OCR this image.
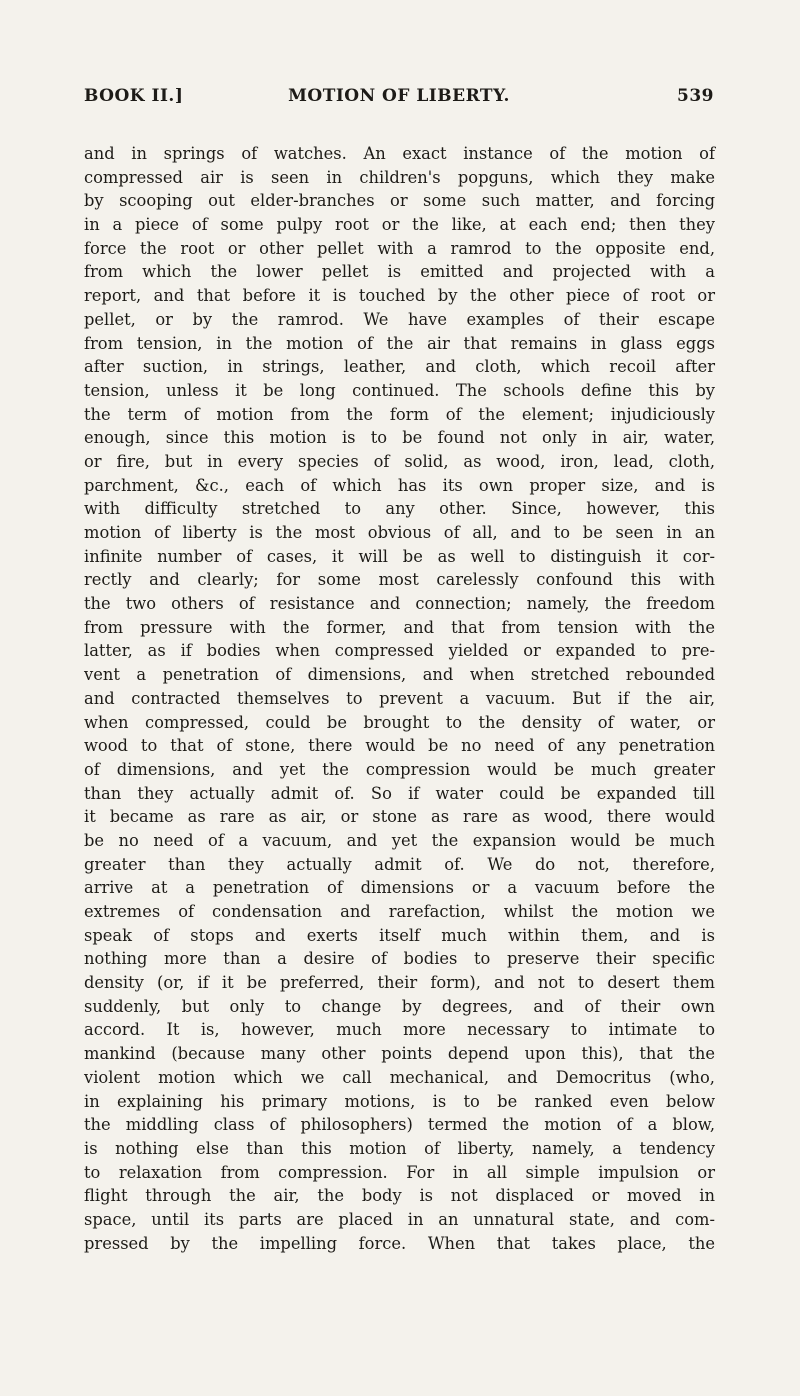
BOOK II.]	MOTION OF LIBERTY.	539
and in springs of watches. An exact instance of the motion of
compressed air is seen in children's popguns, which they make
by scooping out elder-branches or some such matter, and forcing
in a piece of some pulpy root or the like, at each end; then they
force the root or other pellet with a ramrod to the opposite end,
from which the lower pellet is emitted and projected with a
report, and that before it is touched by the other piece of root or
pellet, or by the ramrod. We have examples of their escape
from tension, in the motion of the air that remains in glass eggs
after suction, in strings, leather, and cloth, which recoil after
tension, unless it be long continued. The schools define this by
the term of motion from the form of the element; injudiciously
enough, since this motion is to be found not only in air, water,
or fire, but in every species of solid, as wood, iron, lead, cloth,
parchment, &c., each of which has its own proper size, and is
with difficulty stretched to any other. Since, however, this
motion of liberty is the most obvious of all, and to be seen in an
infinite number of cases, it will be as well to distinguish it cor-
rectly and clearly; for some most carelessly confound this with
the two others of resistance and connection; namely, the freedom
from pressure with the former, and that from tension with the
latter, as if bodies when compressed yielded or expanded to pre-
vent a penetration of dimensions, and when stretched rebounded
and contracted themselves to prevent a vacuum. But if the air,
when compressed, could be brought to the density of water, or
wood to that of stone, there would be no need of any penetration
of dimensions, and yet the compression would be much greater
than they actually admit of. So if water could be expanded till
it became as rare as air, or stone as rare as wood, there would
be no need of a vacuum, and yet the expansion would be much
greater than they actually admit of. We do not, therefore,
arrive at a penetration of dimensions or a vacuum before the
extremes of condensation and rarefaction, whilst the motion we
speak of stops and exerts itself much within them, and is
nothing more than a desire of bodies to preserve their specific
density (or, if it be preferred, their form), and not to desert them
suddenly, but only to change by degrees, and of their own
accord. It is, however, much more necessary to intimate to
mankind (because many other points depend upon this), that the
violent motion which we call mechanical, and Democritus (who,
in explaining his primary motions, is to be ranked even below
the middling class of philosophers) termed the motion of a blow,
is nothing else than this motion of liberty, namely, a tendency
to relaxation from compression. For in all simple impulsion or
flight through the air, the body is not displaced or moved in
space, until its parts are placed in an unnatural state, and com-
pressed by the impelling force. When that takes place, the
